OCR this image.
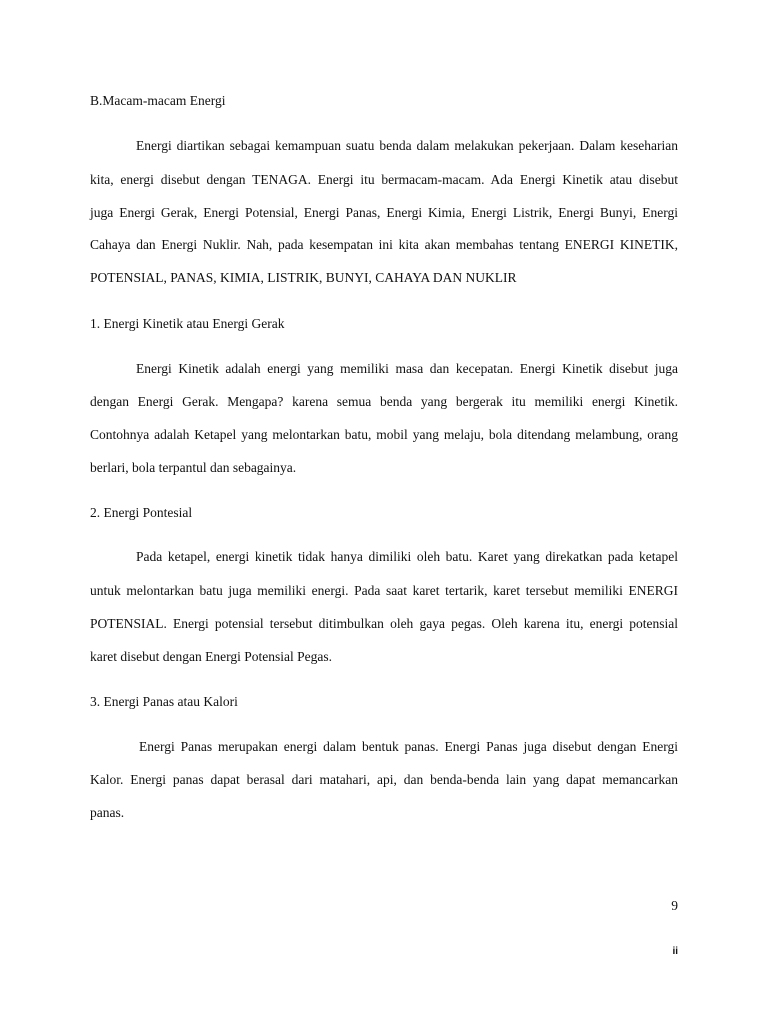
B.Macam-macam Energi
Energi diartikan sebagai kemampuan suatu benda dalam melakukan pekerjaan. Dalam keseharian
kita, energi disebut dengan TENAGA. Energi itu bermacam-macam. Ada Energi Kinetik atau disebut
juga Energi Gerak, Energi Potensial, Energi Panas, Energi Kimia, Energi Listrik, Energi Bunyi, Energi
Cahaya dan Energi Nuklir. Nah, pada kesempatan ini kita akan membahas tentang ENERGI KINETIK,
POTENSIAL, PANAS, KIMIA, LISTRIK, BUNYI, CAHAYA DAN NUKLIR
1. Energi Kinetik atau Energi Gerak
Energi Kinetik adalah energi yang memiliki masa dan kecepatan. Energi Kinetik disebut juga
dengan Energi Gerak. Mengapa? karena semua benda yang bergerak itu memiliki energi Kinetik.
Contohnya adalah Ketapel yang melontarkan batu, mobil yang melaju, bola ditendang melambung, orang
berlari, bola terpantul dan sebagainya.
2. Energi Pontesial
Pada ketapel, energi kinetik tidak hanya dimiliki oleh batu. Karet yang direkatkan pada ketapel
untuk melontarkan batu juga memiliki energi. Pada saat karet tertarik, karet tersebut memiliki ENERGI
POTENSIAL. Energi potensial tersebut ditimbulkan oleh gaya pegas. Oleh karena itu, energi potensial
karet disebut dengan Energi Potensial Pegas.
3. Energi Panas atau Kalori
Energi Panas merupakan energi dalam bentuk panas. Energi Panas juga disebut dengan Energi
Kalor. Energi panas dapat berasal dari matahari, api, dan benda-benda lain yang dapat memancarkan
panas.
9
ii
